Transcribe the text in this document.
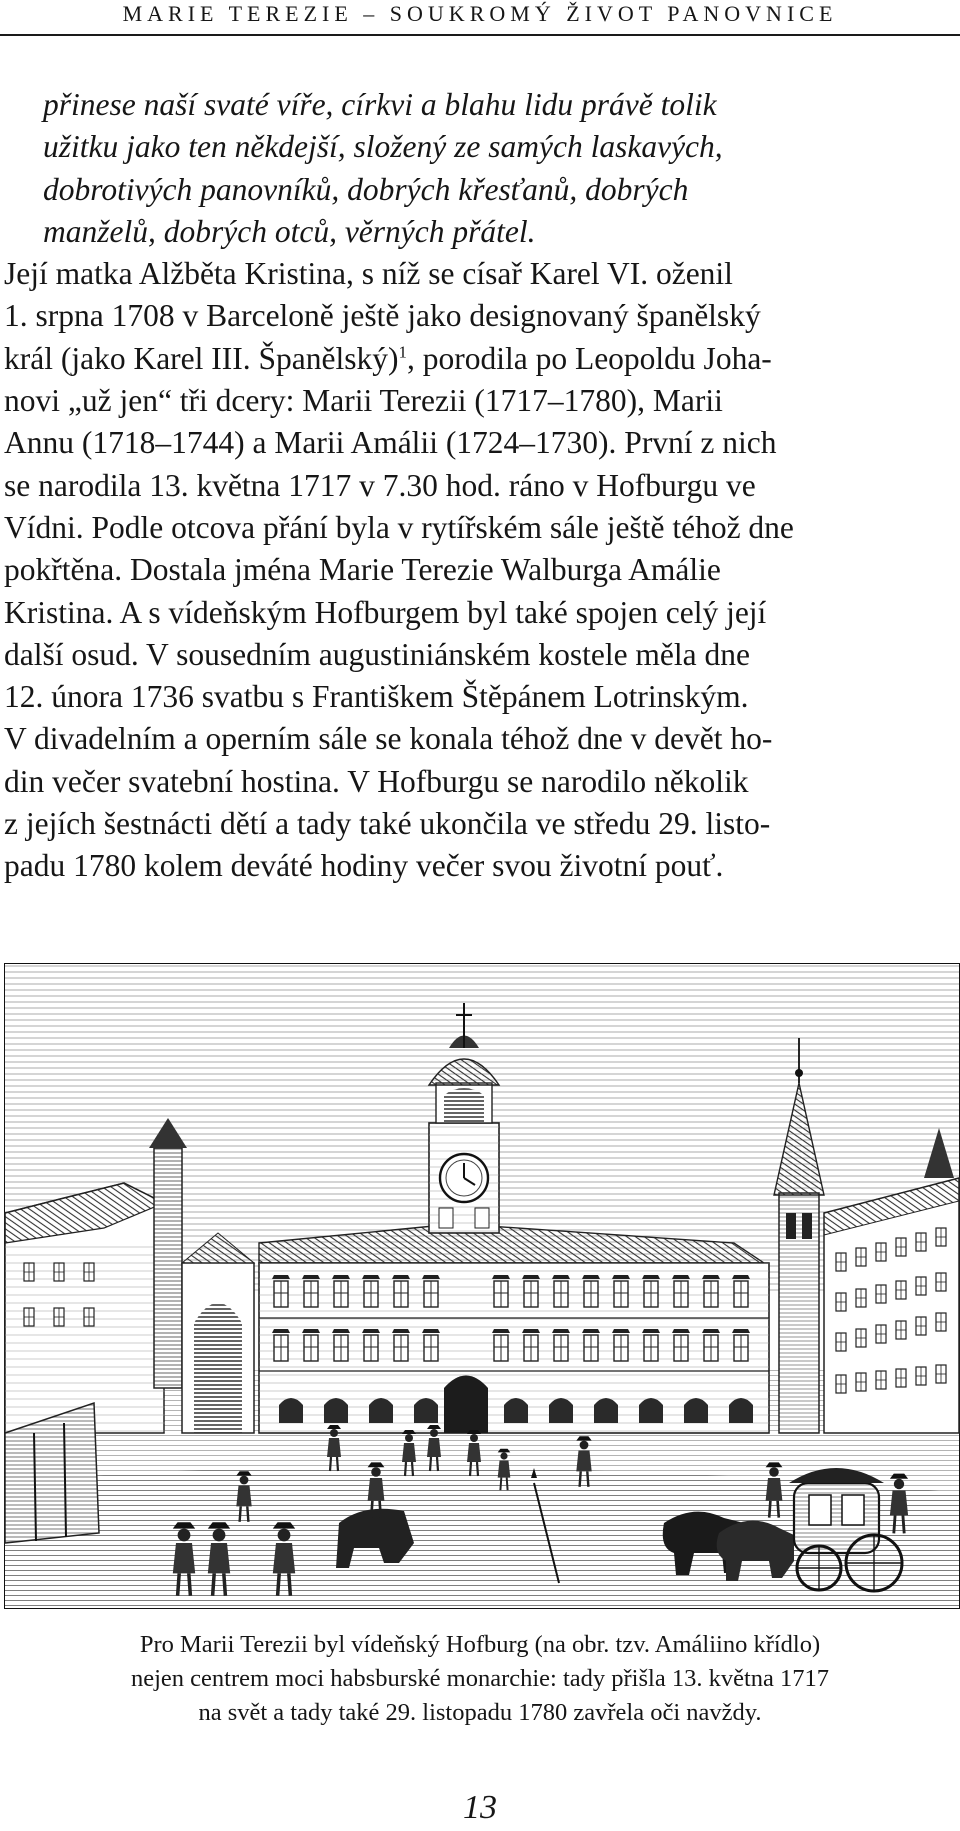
MARIE TEREZIE – SOUKROMÝ ŽIVOT PANOVNICE
přinese naší svaté víře, církvi a blahu lidu právě tolik
užitku jako ten někdejší, složený ze samých laskavých,
dobrotivých panovníků, dobrých křesťanů, dobrých
manželů, dobrých otců, věrných přátel.
Její matka Alžběta Kristina, s níž se císař Karel VI. oženil
1. srpna 1708 v Barceloně ještě jako designovaný španělský
král (jako Karel III. Španělský)$^1$, porodila po Leopoldu Joha-
novi „už jen“ tři dcery: Marii Terezii (1717–1780), Marii
Annu (1718–1744) a Marii Amálii (1724–1730). První z nich
se narodila 13. května 1717 v 7.30 hod. ráno v Hofburgu ve
Vídni. Podle otcova přání byla v rytířském sále ještě téhož dne
pokřtěna. Dostala jména Marie Terezie Walburga Amálie
Kristina. A s vídeňským Hofburgem byl také spojen celý její
další osud. V sousedním augustiniánském kostele měla dne
12. února 1736 svatbu s Františkem Štěpánem Lotrinským.
V divadelním a operním sále se konala téhož dne v devět ho-
din večer svatební hostina. V Hofburgu se narodilo několik
z jejích šestnácti dětí a tady také ukončila ve středu 29. listo-
padu 1780 kolem deváté hodiny večer svou životní pouť.
Pro Marii Terezii byl vídeňský Hofburg (na obr. tzv. Amáliino křídlo)
nejen centrem moci habsburské monarchie: tady přišla 13. května 1717
na svět a tady také 29. listopadu 1780 zavřela oči navždy.
13
